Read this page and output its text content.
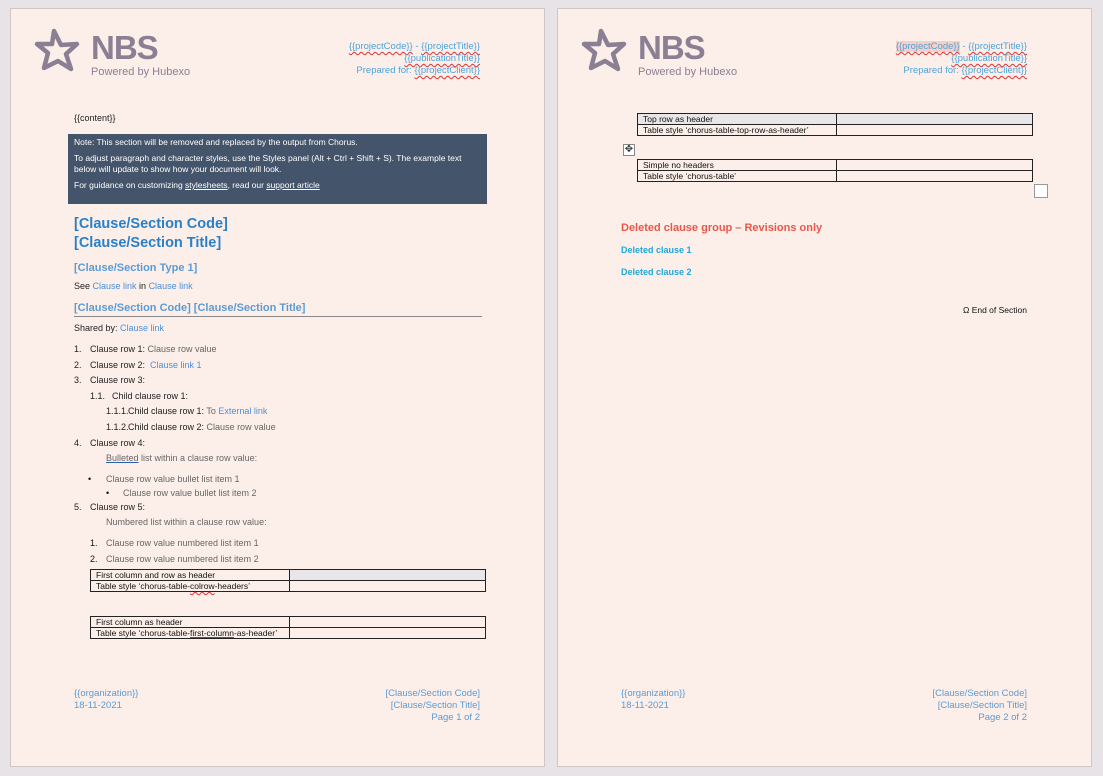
NBS
Powered by Hubexo
{{projectCode}} - {{projectTitle}}
{{publicationTitle}}
Prepared for: {{projectClient}}
{{content}}

Note: This section will be removed and replaced by the output from Chorus.

To adjust paragraph and character styles, use the Styles panel (Alt + Ctrl + Shift + S). The example text below will update to show how your document will look.

For guidance on customizing stylesheets, read our support article

[Clause/Section Code]
[Clause/Section Title]
[Clause/Section Type 1]
See Clause link in Clause link
[Clause/Section Code] [Clause/Section Title]
Shared by: Clause link
1. Clause row 1: Clause row value
2. Clause row 2:  Clause link 1
3. Clause row 3:
1.1. Child clause row 1:
1.1.1.Child clause row 1: To External link
1.1.2.Child clause row 2: Clause row value
4. Clause row 4:
Bulleted list within a clause row value:
• Clause row value bullet list item 1
• Clause row value bullet list item 2
5. Clause row 5:
Numbered list within a clause row value:
1. Clause row value numbered list item 1
2. Clause row value numbered list item 2
First column and row as header	
Table style ‘chorus-table-colrow-headers’	
First column as header	
Table style ‘chorus-table-first-column-as-header’	
{{organization}}
18-11-2021
[Clause/Section Code]
[Clause/Section Title]
Page 1 of 2
NBS
Powered by Hubexo
{{projectCode}} - {{projectTitle}}
{{publicationTitle}}
Prepared for: {{projectClient}}
Top row as header	
Table style ‘chorus-table-top-row-as-header’	
✥
Simple no headers	
Table style ‘chorus-table’	
Deleted clause group – Revisions only
Deleted clause 1
Deleted clause 2
Ω End of Section
{{organization}}
18-11-2021
[Clause/Section Code]
[Clause/Section Title]
Page 2 of 2
